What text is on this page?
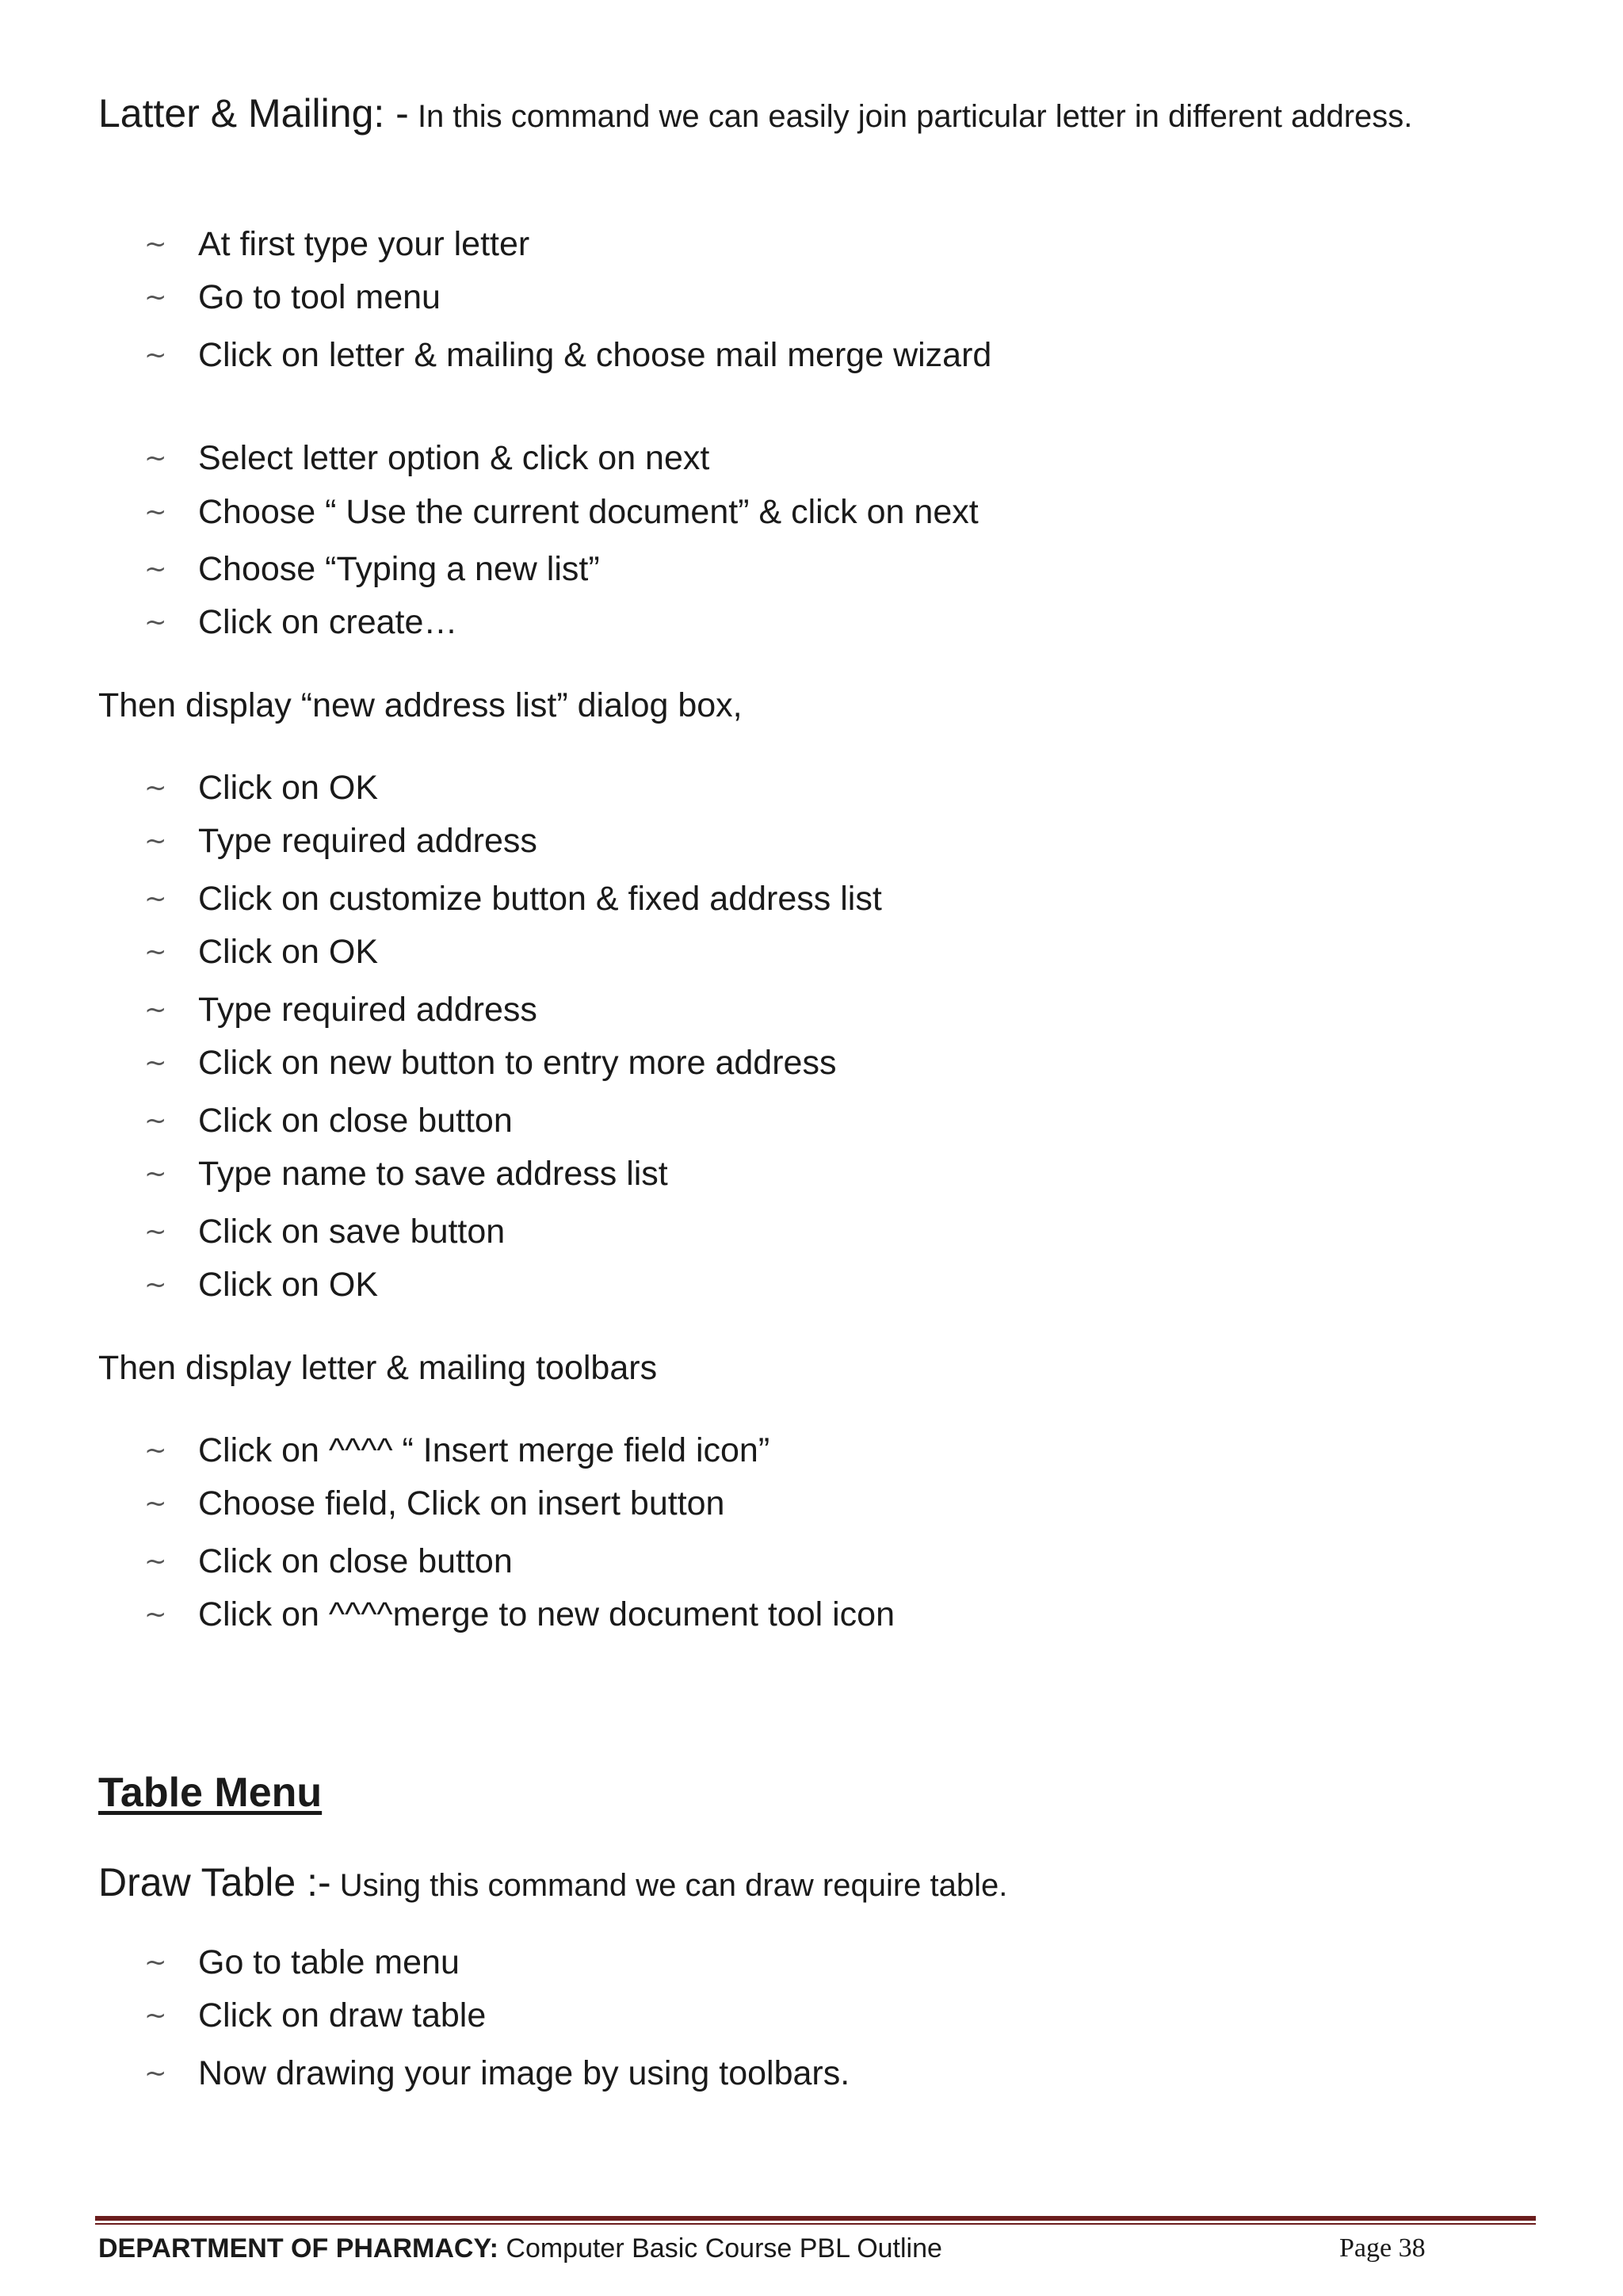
Latter & Mailing: - In this command we can easily join particular letter in different address.
~ At first type your letter
~ Go to tool menu
~ Click on letter & mailing & choose mail merge wizard
~ Select letter option & click on next
~ Choose “ Use the current document” & click on next
~ Choose “Typing a new list”
~ Click on create…
Then display “new address list” dialog box,
~ Click on OK
~ Type required address
~ Click on customize button & fixed address list
~ Click on OK
~ Type required address
~ Click on new button to entry more address
~ Click on close button
~ Type name to save address list
~ Click on save button
~ Click on OK
Then display letter & mailing toolbars
~ Click on ^^^^ “ Insert merge field icon”
~ Choose field, Click on insert button
~ Click on close button
~ Click on ^^^^merge to new document tool icon
Table Menu
Draw Table :- Using this command we can draw require table.
~ Go to table menu
~ Click on draw table
~ Now drawing your image by using toolbars.
DEPARTMENT OF PHARMACY: Computer Basic Course PBL Outline	Page 38
